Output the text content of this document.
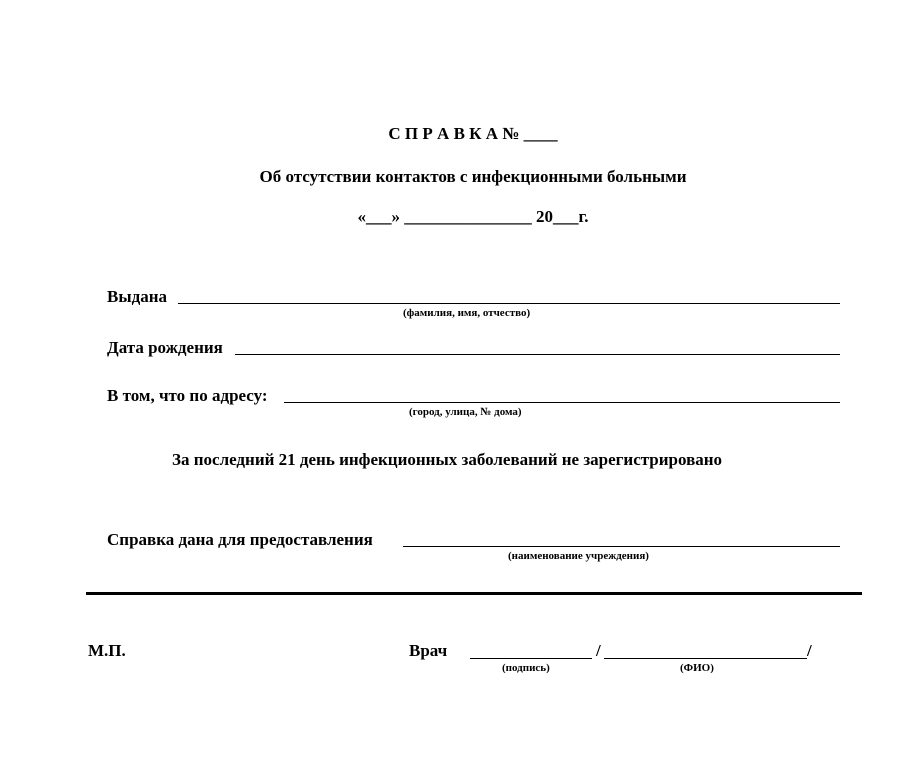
С П Р А В К А № ____
Об отсутствии контактов с инфекционными больными
«___» _______________ 20___г.
Выдана
(фамилия, имя, отчество)
Дата рождения
В том, что по адресу:
(город, улица, № дома)
За последний 21 день инфекционных заболеваний не зарегистрировано
Справка дана для предоставления
(наименование учреждения)
М.П.	Врач	/	/
(подпись)	(ФИО)
